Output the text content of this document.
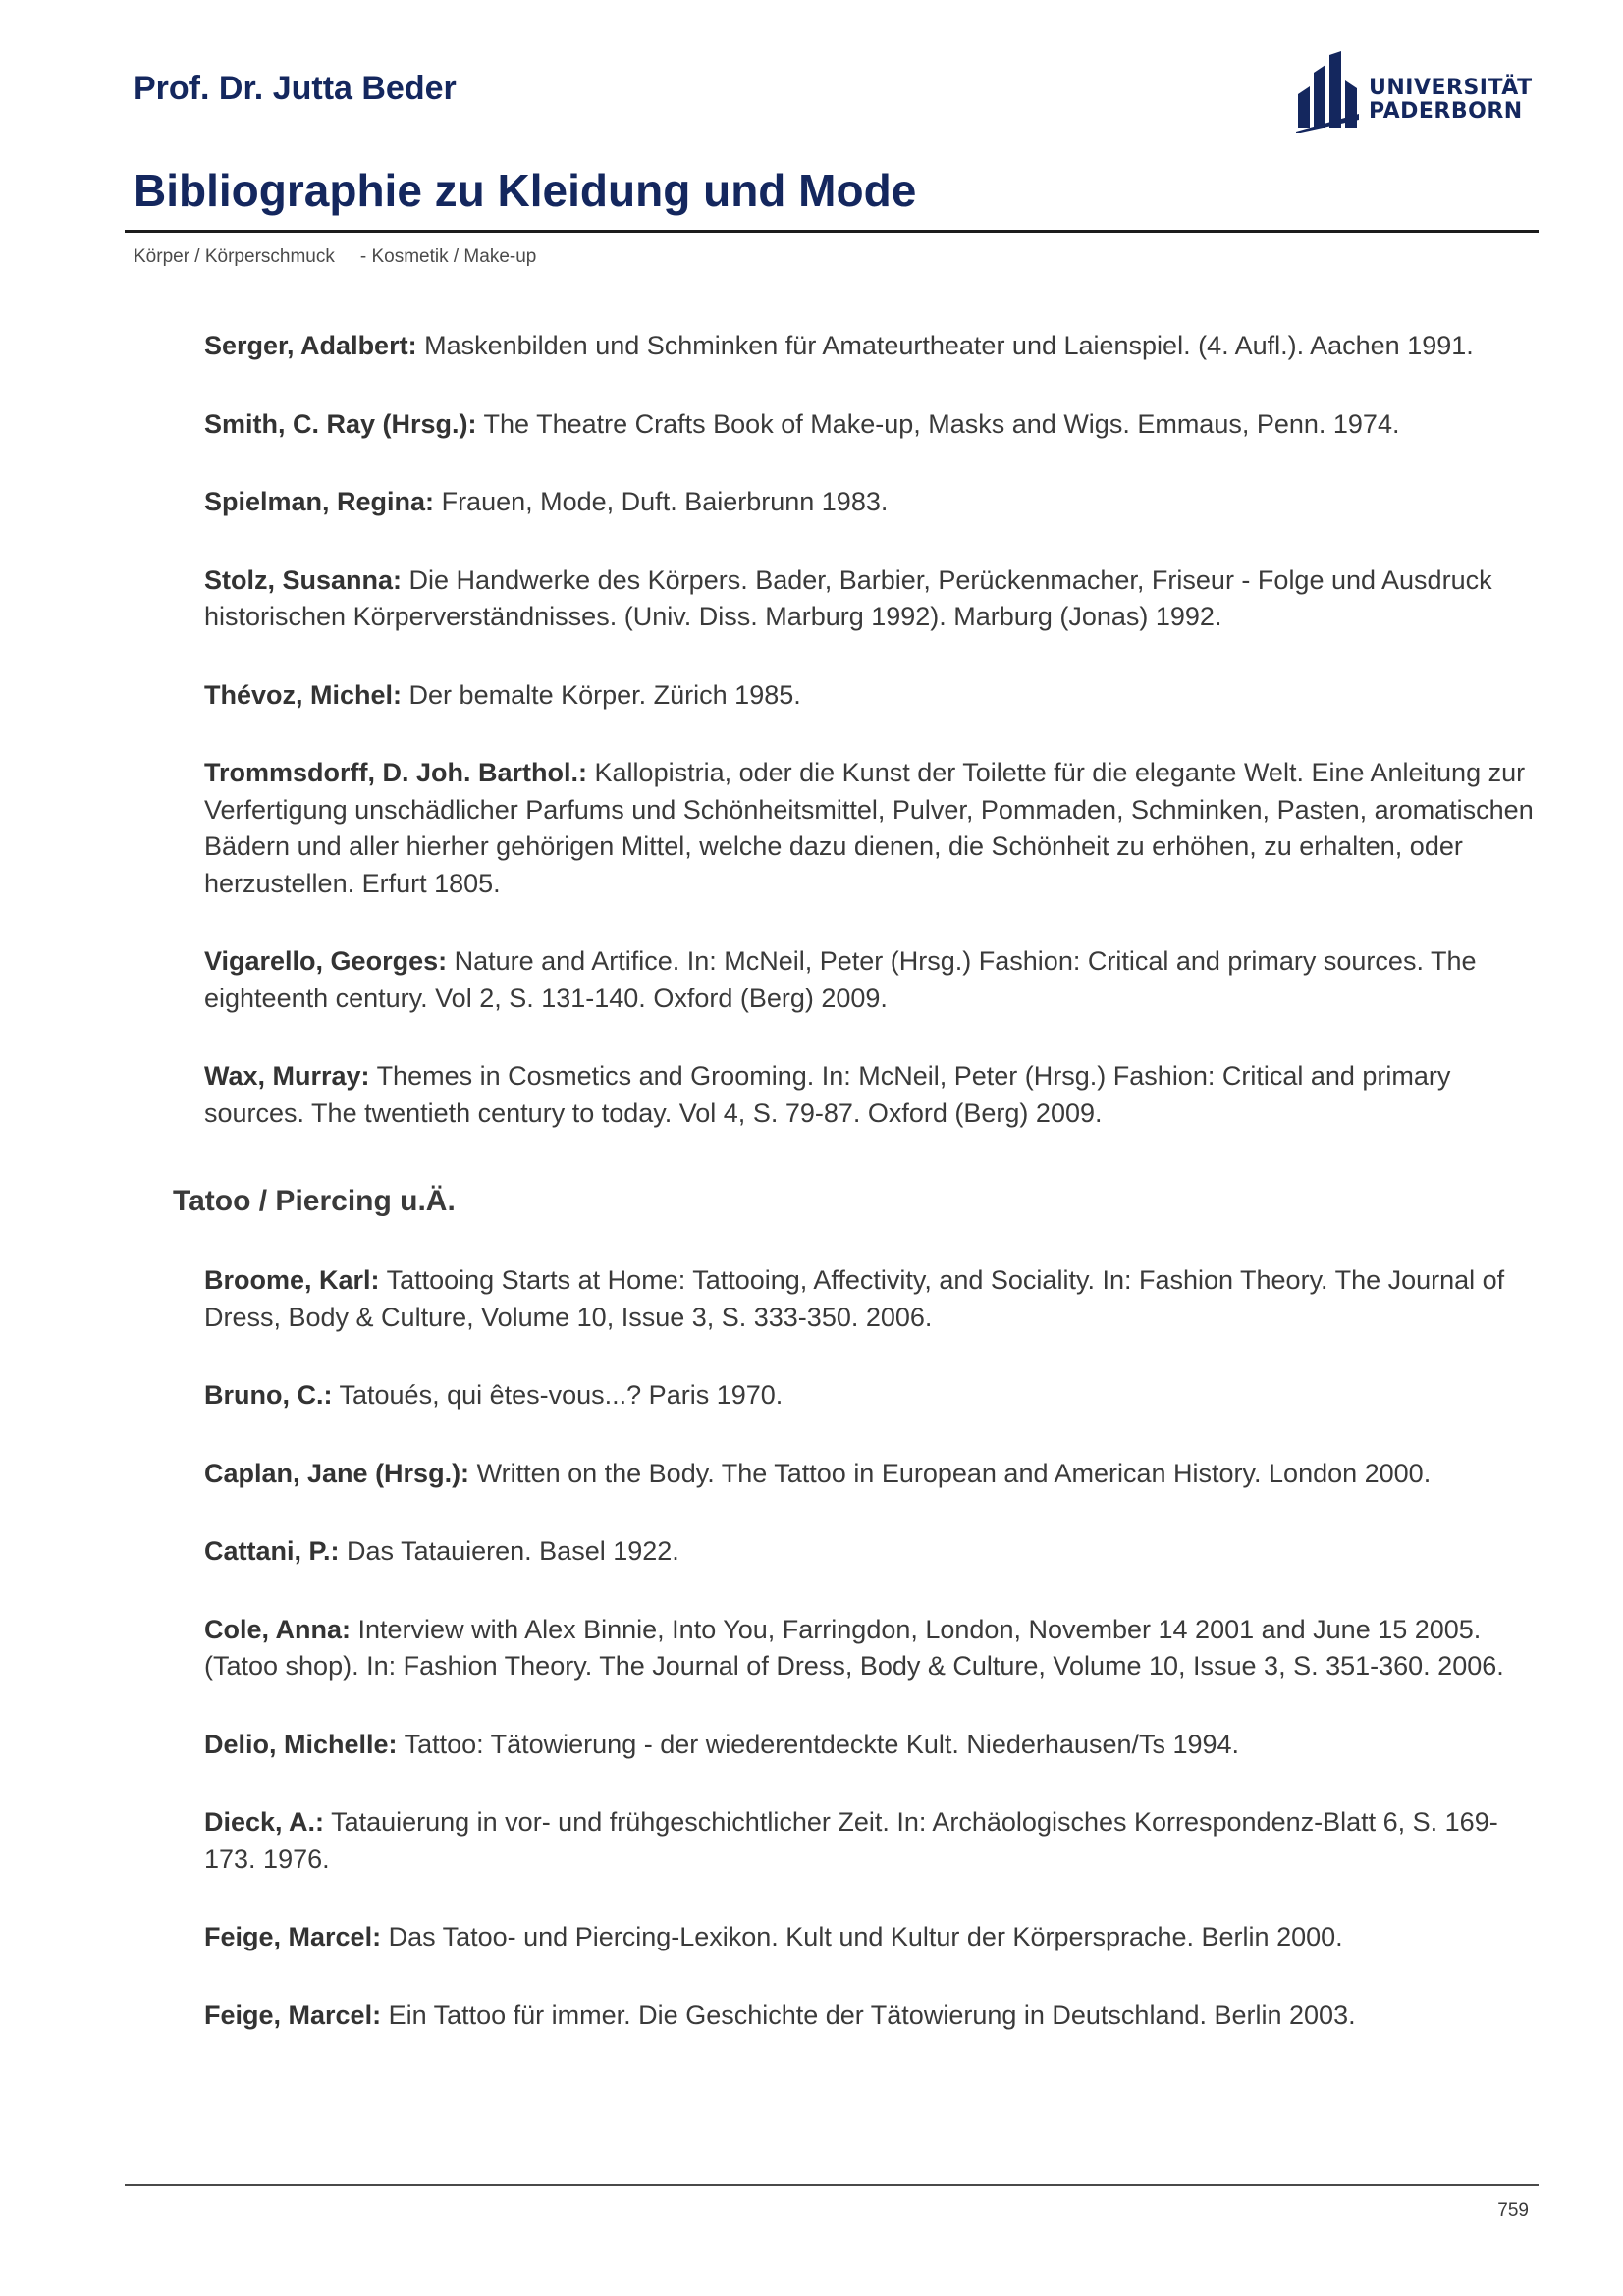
Prof. Dr. Jutta Beder	UNIVERSITÄT
PADERBORN
Bibliographie zu Kleidung und Mode
Körper / Körperschmuck - Kosmetik / Make-up

Serger, Adalbert: Maskenbilden und Schminken für Amateurtheater und Laienspiel. (4. Aufl.). Aachen 1991.

Smith, C. Ray (Hrsg.): The Theatre Crafts Book of Make-up, Masks and Wigs. Emmaus, Penn. 1974.

Spielman, Regina: Frauen, Mode, Duft. Baierbrunn 1983.

Stolz, Susanna: Die Handwerke des Körpers. Bader, Barbier, Perückenmacher, Friseur - Folge und Ausdruck historischen Körperverständnisses. (Univ. Diss. Marburg 1992). Marburg (Jonas) 1992.

Thévoz, Michel: Der bemalte Körper. Zürich 1985.

Trommsdorff, D. Joh. Barthol.: Kallopistria, oder die Kunst der Toilette für die elegante Welt. Eine Anleitung zur Verfertigung unschädlicher Parfums und Schönheitsmittel, Pulver, Pommaden, Schminken, Pasten, aromatischen Bädern und aller hierher gehörigen Mittel, welche dazu dienen, die Schönheit zu erhöhen, zu erhalten, oder herzustellen. Erfurt 1805.

Vigarello, Georges: Nature and Artifice. In: McNeil, Peter (Hrsg.) Fashion: Critical and primary sources. The eighteenth century. Vol 2, S. 131-140. Oxford (Berg) 2009.

Wax, Murray: Themes in Cosmetics and Grooming. In: McNeil, Peter (Hrsg.) Fashion: Critical and primary sources. The twentieth century to today. Vol 4, S. 79-87. Oxford (Berg) 2009.

Tatoo / Piercing u.Ä.

Broome, Karl: Tattooing Starts at Home: Tattooing, Affectivity, and Sociality. In: Fashion Theory. The Journal of Dress, Body & Culture, Volume 10, Issue 3, S. 333-350. 2006.

Bruno, C.: Tatoués, qui êtes-vous...? Paris 1970.

Caplan, Jane (Hrsg.): Written on the Body. The Tattoo in European and American History. London 2000.

Cattani, P.: Das Tatauieren. Basel 1922.

Cole, Anna: Interview with Alex Binnie, Into You, Farringdon, London, November 14 2001 and June 15 2005. (Tatoo shop). In: Fashion Theory. The Journal of Dress, Body & Culture, Volume 10, Issue 3, S. 351-360. 2006.

Delio, Michelle: Tattoo: Tätowierung - der wiederentdeckte Kult. Niederhausen/Ts 1994.

Dieck, A.: Tatauierung in vor- und frühgeschichtlicher Zeit. In: Archäologisches Korrespondenz-Blatt 6, S. 169-173. 1976.

Feige, Marcel: Das Tatoo- und Piercing-Lexikon. Kult und Kultur der Körpersprache. Berlin 2000.

Feige, Marcel: Ein Tattoo für immer. Die Geschichte der Tätowierung in Deutschland. Berlin 2003.

759
